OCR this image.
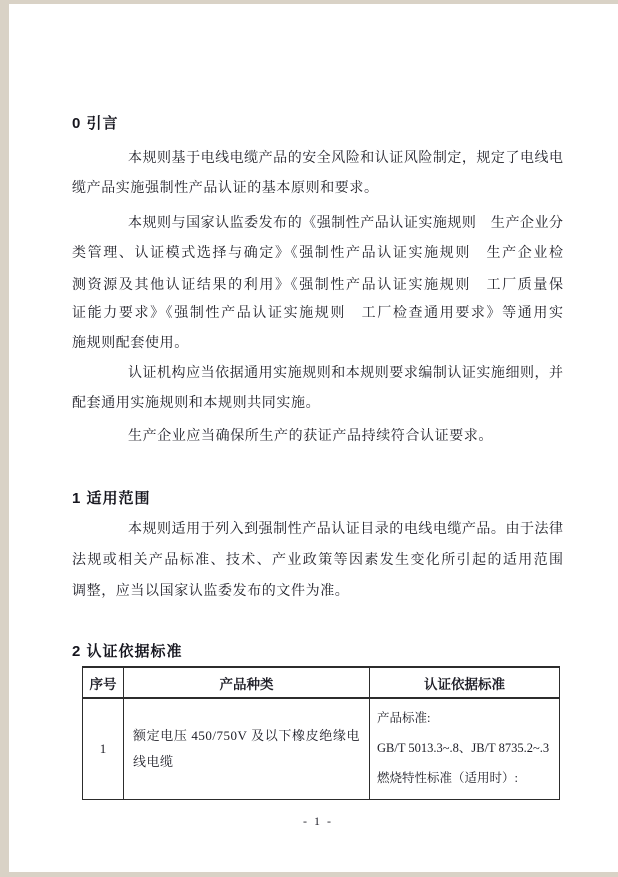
0 引言
本规则基于电线电缆产品的安全风险和认证风险制定，规定了电线电
缆产品实施强制性产品认证的基本原则和要求。
本规则与国家认监委发布的《强制性产品认证实施规则　生产企业分
类管理、认证模式选择与确定》《强制性产品认证实施规则　生产企业检
测资源及其他认证结果的利用》《强制性产品认证实施规则　工厂质量保
证能力要求》《强制性产品认证实施规则　工厂检查通用要求》等通用实
施规则配套使用。
认证机构应当依据通用实施规则和本规则要求编制认证实施细则，并
配套通用实施规则和本规则共同实施。
生产企业应当确保所生产的获证产品持续符合认证要求。
1 适用范围
本规则适用于列入到强制性产品认证目录的电线电缆产品。由于法律
法规或相关产品标准、技术、产业政策等因素发生变化所引起的适用范围
调整，应当以国家认监委发布的文件为准。
2 认证依据标准
序号	产品种类	认证依据标准
1	额定电压 450/750V 及以下橡皮绝缘电线电缆	产品标准:
GB/T 5013.3~.8、JB/T 8735.2~.3
燃烧特性标准（适用时）:
- 1 -
